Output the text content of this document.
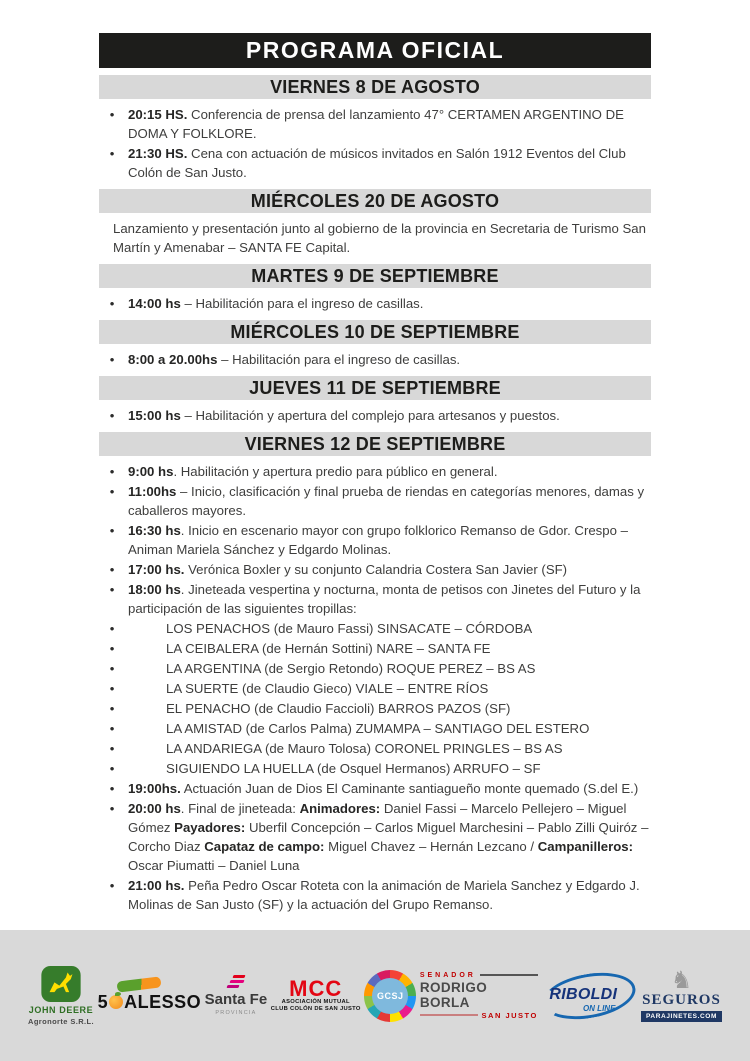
PROGRAMA OFICIAL
VIERNES 8 DE AGOSTO
• 20:15 HS. Conferencia de prensa del lanzamiento 47° CERTAMEN ARGENTINO DE DOMA Y FOLKLORE.
• 21:30 HS. Cena con actuación de músicos invitados en Salón 1912 Eventos del Club Colón de San Justo.
MIÉRCOLES 20 DE AGOSTO
Lanzamiento y presentación junto al gobierno de la provincia en Secretaria de Turismo San Martín y Amenabar – SANTA FE Capital.
MARTES 9 DE SEPTIEMBRE
• 14:00 hs – Habilitación para el ingreso de casillas.
MIÉRCOLES 10 DE SEPTIEMBRE
• 8:00 a 20.00hs – Habilitación para el ingreso de casillas.
JUEVES 11 DE SEPTIEMBRE
• 15:00 hs – Habilitación y apertura del complejo para artesanos y puestos.
VIERNES 12 DE SEPTIEMBRE
• 9:00 hs. Habilitación y apertura predio para público en general.
• 11:00hs – Inicio, clasificación y final prueba de riendas en categorías menores, damas y caballeros mayores.
• 16:30 hs. Inicio en escenario mayor con grupo folklorico Remanso de Gdor. Crespo – Animan Mariela Sánchez y Edgardo Molinas.
• 17:00 hs. Verónica Boxler y su conjunto Calandria Costera San Javier (SF)
• 18:00 hs. Jineteada vespertina y nocturna, monta de petisos con Jinetes del Futuro y la participación de las siguientes tropillas:
•	LOS PENACHOS (de Mauro Fassi) SINSACATE – CÓRDOBA
•	LA CEIBALERA (de Hernán Sottini) NARE – SANTA FE
•	LA ARGENTINA (de Sergio Retondo) ROQUE PEREZ – BS AS
•	LA SUERTE (de Claudio Gieco) VIALE – ENTRE RÍOS
•	EL PENACHO (de Claudio Faccioli) BARROS PAZOS (SF)
•	LA AMISTAD (de Carlos Palma) ZUMAMPA – SANTIAGO DEL ESTERO
•	LA ANDARIEGA (de Mauro Tolosa) CORONEL PRINGLES – BS AS
•	SIGUIENDO LA HUELLA (de Osquel Hermanos) ARRUFO – SF
• 19:00hs. Actuación Juan de Dios El Caminante santiagueño monte quemado (S.del E.)
• 20:00 hs. Final de jineteada: Animadores: Daniel Fassi – Marcelo Pellejero – Miguel Gómez Payadores: Uberfil Concepción – Carlos Miguel Marchesini – Pablo Zilli Quiróz – Corcho Diaz Capataz de campo: Miguel Chavez – Hernán Lezcano / Campanilleros: Oscar Piumatti – Daniel Luna
• 21:00 hs. Peña Pedro Oscar Roteta con la animación de Mariela Sanchez y Edgardo J. Molinas de San Justo (SF) y la actuación del Grupo Remanso.
JOHN DEERE
Agronorte S.R.L.
5 ALESSO Santa Fe
PROVINCIA
MCC
ASOCIACIÓN MUTUAL
CLUB COLÓN DE SAN JUSTO
GCSJ
SENADOR
RODRIGO BORLA
SAN JUSTO
RIBOLDI
ON LINE
♞
SEGUROS
PARAJINETES.COM
